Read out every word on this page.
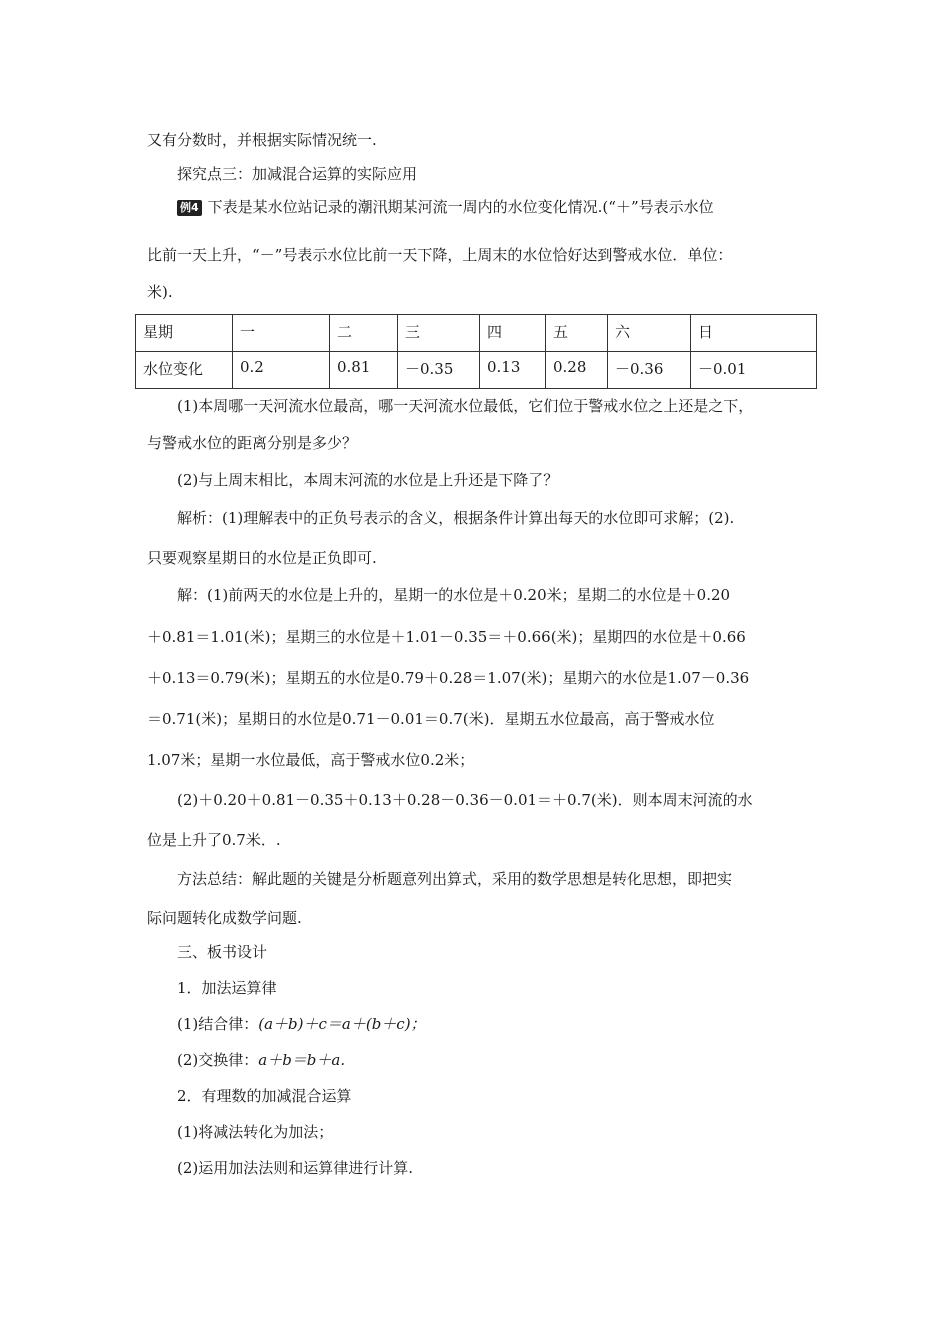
又有分数时，并根据实际情况统一.
探究点三：加减混合运算的实际应用
例4 下表是某水位站记录的潮汛期某河流一周内的水位变化情况.(“＋”号表示水位
比前一天上升，“－”号表示水位比前一天下降，上周末的水位恰好达到警戒水位．单位：
米).
星期	一	二	三	四	五	六	日
水位变化	0.2	0.81	－0.35	0.13	0.28	－0.36	－0.01
(1)本周哪一天河流水位最高，哪一天河流水位最低，它们位于警戒水位之上还是之下，
与警戒水位的距离分别是多少？
(2)与上周末相比，本周末河流的水位是上升还是下降了？
解析：(1)理解表中的正负号表示的含义，根据条件计算出每天的水位即可求解；(2).
只要观察星期日的水位是正负即可.
解：(1)前两天的水位是上升的，星期一的水位是＋0.20米；星期二的水位是＋0.20
＋0.81＝1.01(米)；星期三的水位是＋1.01－0.35＝＋0.66(米)；星期四的水位是＋0.66
＋0.13＝0.79(米)；星期五的水位是0.79＋0.28＝1.07(米)；星期六的水位是1.07－0.36
＝0.71(米)；星期日的水位是0.71－0.01＝0.7(米)．星期五水位最高，高于警戒水位
1.07米；星期一水位最低，高于警戒水位0.2米；
(2)＋0.20＋0.81－0.35＋0.13＋0.28－0.36－0.01＝＋0.7(米)．则本周末河流的水
位是上升了0.7米．.
方法总结：解此题的关键是分析题意列出算式，采用的数学思想是转化思想，即把实
际问题转化成数学问题.
三、板书设计
1．加法运算律
(1)结合律：(a＋b)＋c＝a＋(b＋c)；
(2)交换律：a＋b＝b＋a.
2．有理数的加减混合运算
(1)将减法转化为加法；
(2)运用加法法则和运算律进行计算.
